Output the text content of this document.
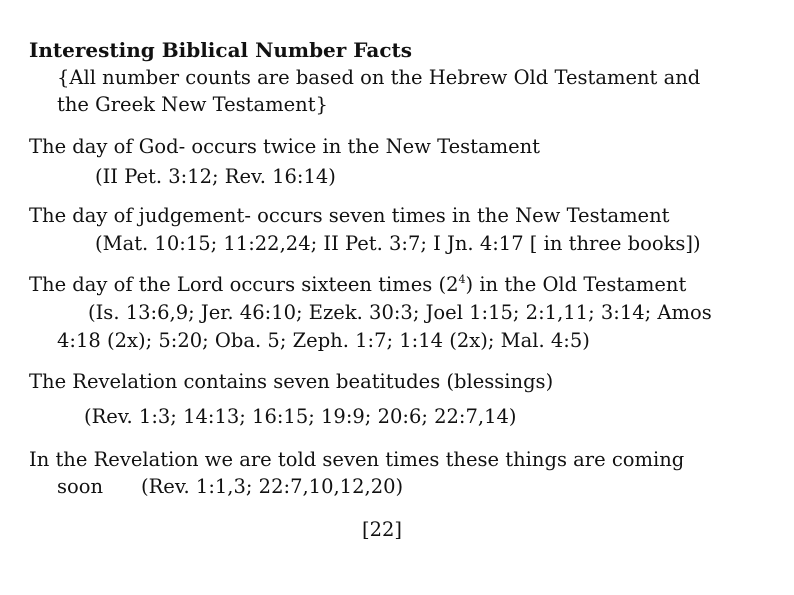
Interesting Biblical Number Facts
{All number counts are based on the Hebrew Old Testament and
the Greek New Testament}
The day of God- occurs twice in the New Testament
(II Pet. 3:12; Rev. 16:14)
The day of judgement- occurs seven times in the New Testament
(Mat. 10:15; 11:22,24; II Pet. 3:7; I Jn. 4:17 [ in three books])
The day of the Lord occurs sixteen times $(2^4)$ in the Old Testament
(Is. 13:6,9; Jer. 46:10; Ezek. 30:3; Joel 1:15; 2:1,11; 3:14; Amos
4:18 (2x); 5:20; Oba. 5; Zeph. 1:7; 1:14 (2x); Mal. 4:5)
The Revelation contains seven beatitudes (blessings)
(Rev. 1:3; 14:13; 16:15; 19:9; 20:6; 22:7,14)
In the Revelation we are told seven times these things are coming
soon (Rev. 1:1,3; 22:7,10,12,20)
[22]
